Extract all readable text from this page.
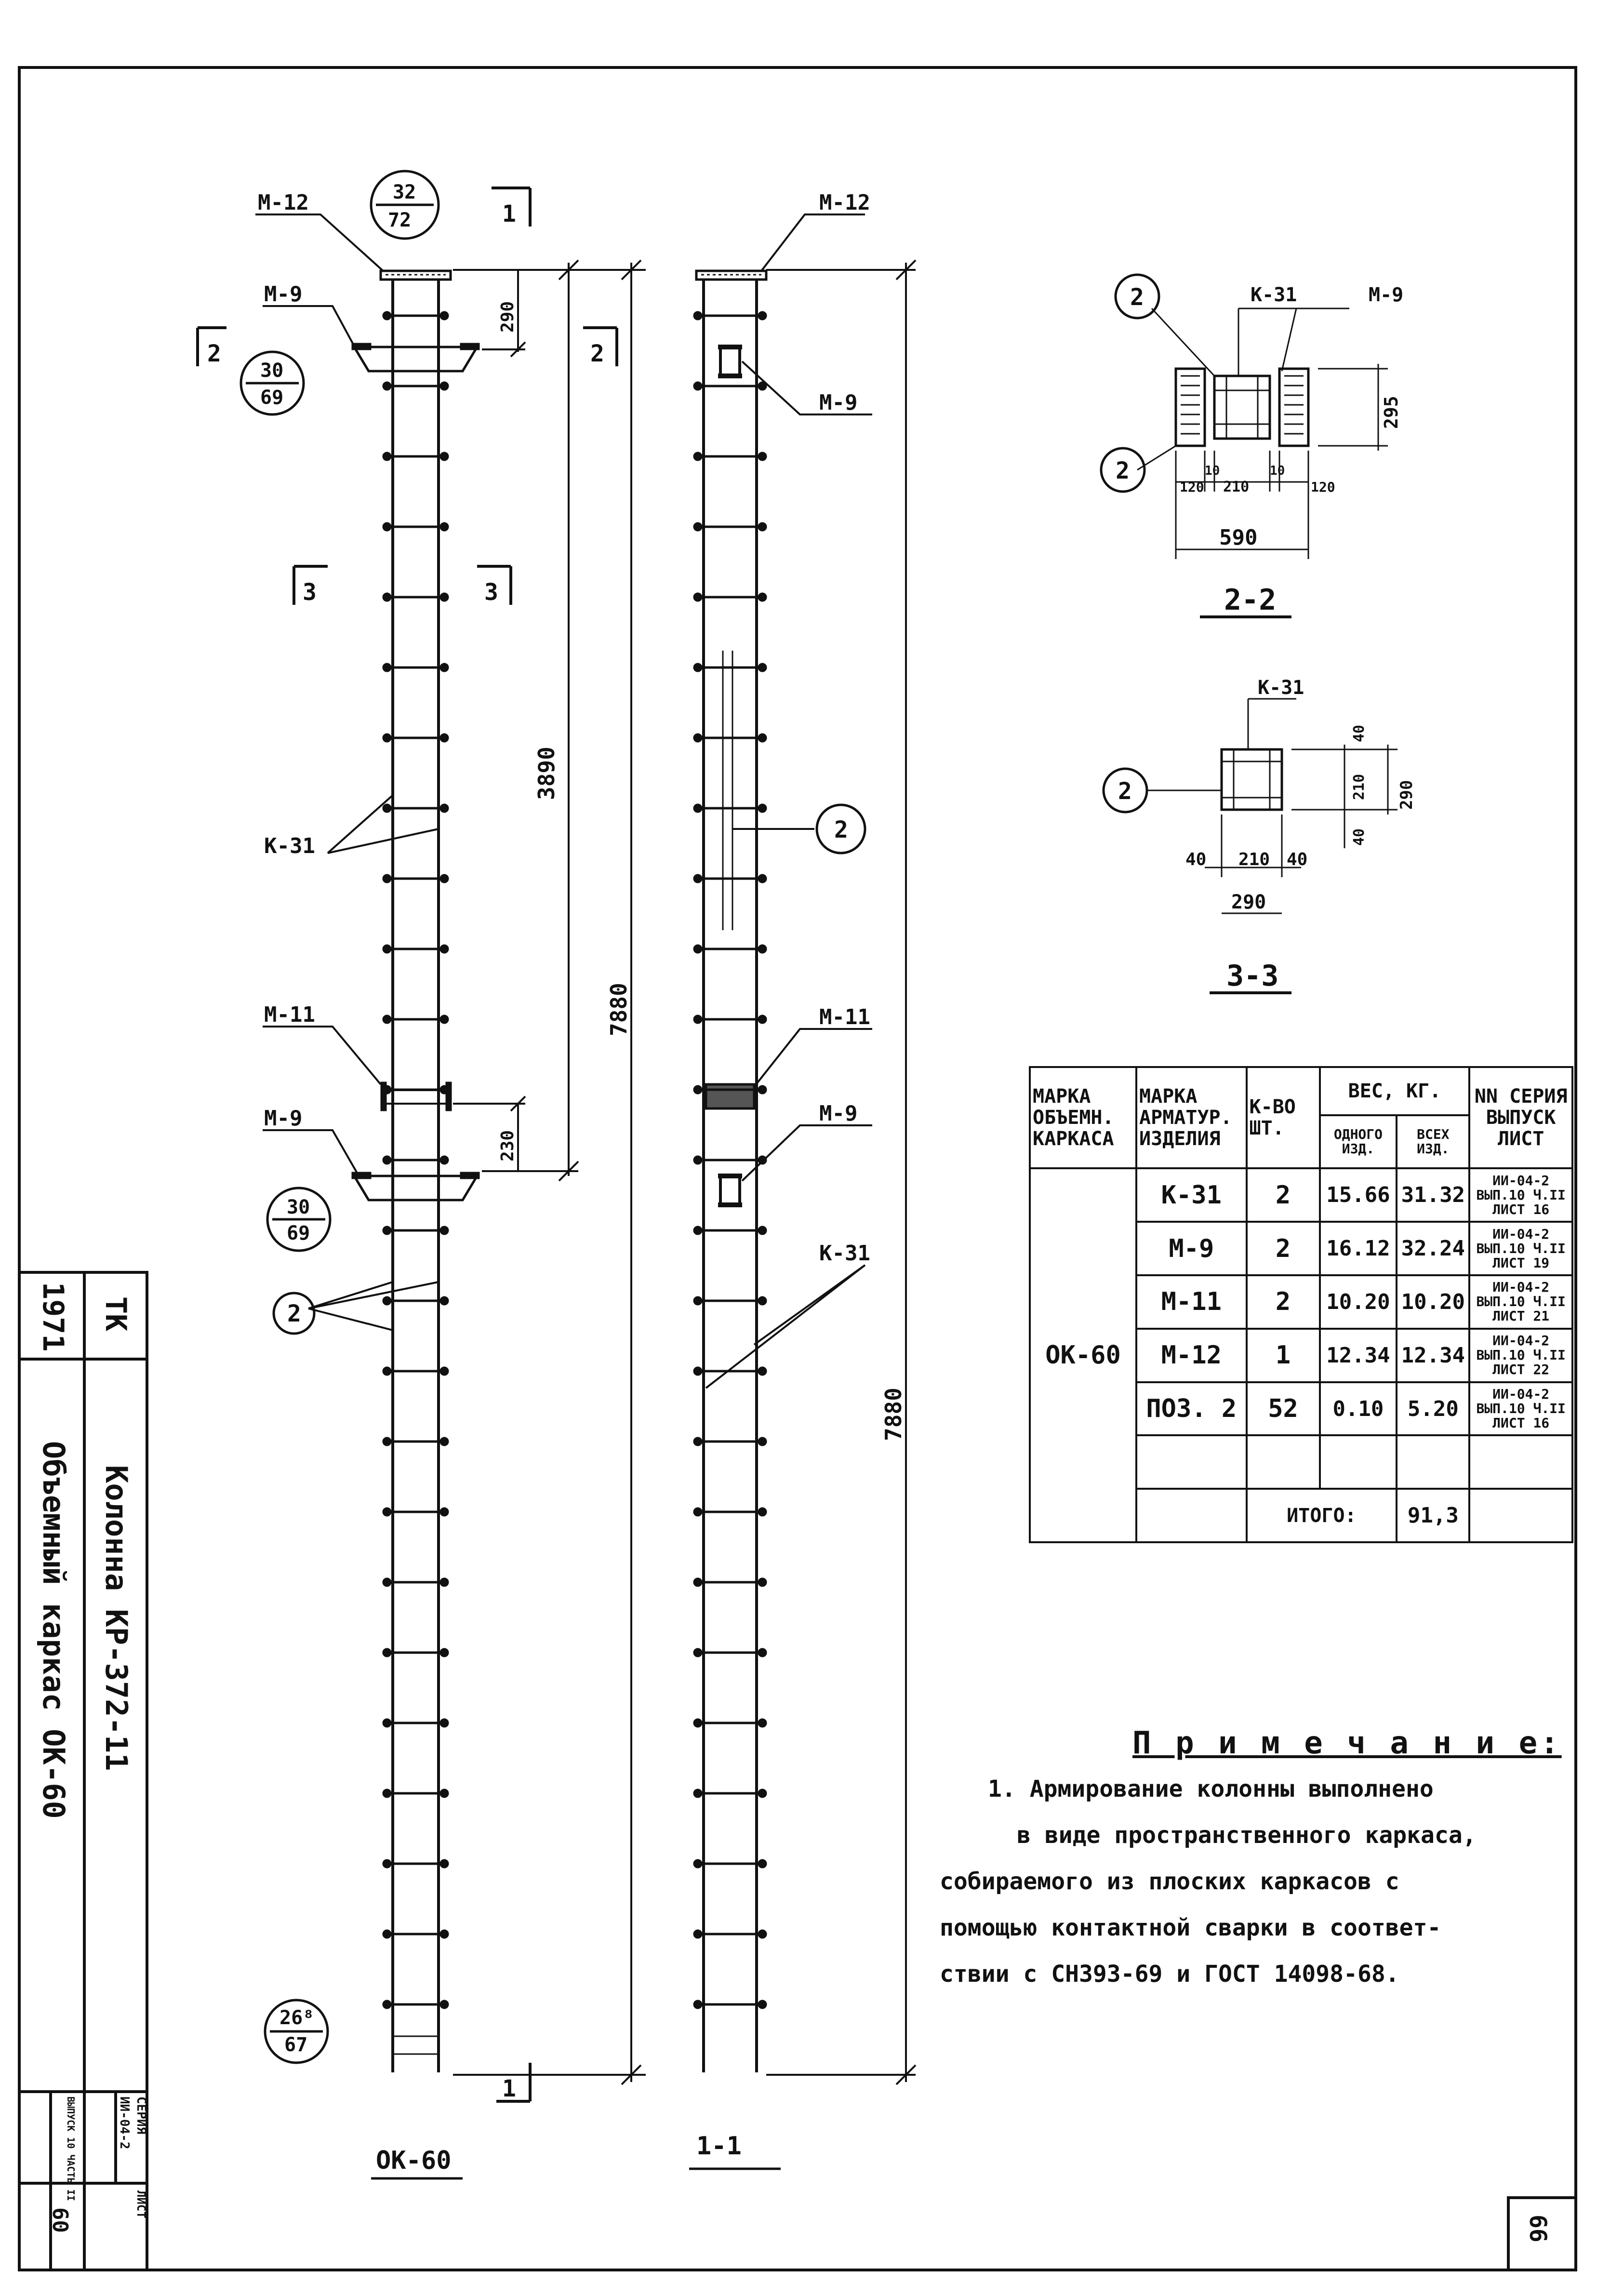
М-12
М-9
М-11
М-9
К-31
2
М-12
М-9
М-11
М-9
К-31
2
32
72
30
69
30
69
26⁸
67
1
1
2	2
3	3
3890
7880
7880
290
230
ОК-60	1-1
2-2
3-3
К-31	М-9
2
2
295
590
210
120	120
10	10
К-31
2	290
210
40
40
40 210 40
290
1971 ТК
Колонна КР-372-11
Объемный каркас ОК-60
СЕРИЯ
ИИ-04-2
ВЫПУСК 10 ЧАСТЬ II
ЛИСТ
60	66
МАРКА ОБЪЕМН. КАРКАСА	МАРКА АРМАТУР. ИЗДЕЛИЯ	К-ВО ШТ.	ВЕС, КГ.		NN СЕРИЯ ВЫПУСК ЛИСТ
			ОДНОГО ИЗД.	ВСЕХ ИЗД.	
ОК-60	К-31	2	15.66	31.32	ИИ-04-2 ВЫП.10 Ч.II ЛИСТ 16
	М-9	2	16.12	32.24	ИИ-04-2 ВЫП.10 Ч.II ЛИСТ 19
	М-11	2	10.20	10.20	ИИ-04-2 ВЫП.10 Ч.II ЛИСТ 21
	М-12	1	12.34	12.34	ИИ-04-2 ВЫП.10 Ч.II ЛИСТ 22
	ПОЗ. 2	52	0.10	5.20	ИИ-04-2 ВЫП.10 Ч.II ЛИСТ 16

		ИТОГО:		91,3	
П р и м е ч а н и е:
1. Армирование колонны выполнено
в виде пространственного каркаса,
собираемого из плоских каркасов с
помощью контактной сварки в соответ-
ствии с СН393-69 и ГОСТ 14098-68.
